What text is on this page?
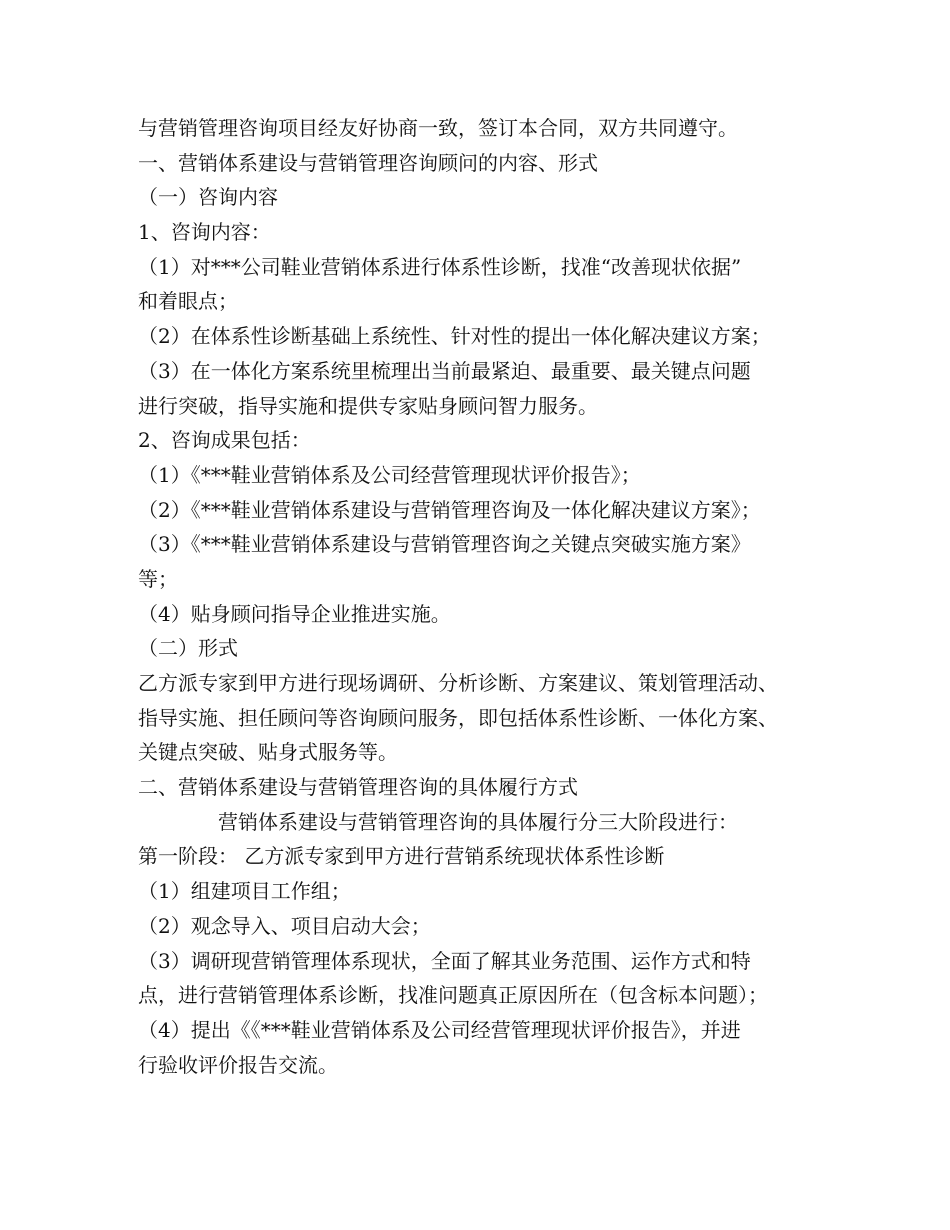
与营销管理咨询项目经友好协商一致，签订本合同，双方共同遵守。
一、营销体系建设与营销管理咨询顾问的内容、形式
（一）咨询内容
1、咨询内容：
（1）对***公司鞋业营销体系进行体系性诊断，找准“改善现状依据”
和着眼点；
（2）在体系性诊断基础上系统性、针对性的提出一体化解决建议方案；
（3）在一体化方案系统里梳理出当前最紧迫、最重要、最关键点问题
进行突破，指导实施和提供专家贴身顾问智力服务。
2、咨询成果包括：
（1）《***鞋业营销体系及公司经营管理现状评价报告》；
（2）《***鞋业营销体系建设与营销管理咨询及一体化解决建议方案》；
（3）《***鞋业营销体系建设与营销管理咨询之关键点突破实施方案》
等；
（4）贴身顾问指导企业推进实施。
（二）形式
乙方派专家到甲方进行现场调研、分析诊断、方案建议、策划管理活动、
指导实施、担任顾问等咨询顾问服务，即包括体系性诊断、一体化方案、
关键点突破、贴身式服务等。
二、营销体系建设与营销管理咨询的具体履行方式
营销体系建设与营销管理咨询的具体履行分三大阶段进行：
第一阶段： 乙方派专家到甲方进行营销系统现状体系性诊断
（1）组建项目工作组；
（2）观念导入、项目启动大会；
（3）调研现营销管理体系现状，全面了解其业务范围、运作方式和特
点，进行营销管理体系诊断，找准问题真正原因所在（包含标本问题）；
（4）提出《《***鞋业营销体系及公司经营管理现状评价报告》，并进
行验收评价报告交流。
